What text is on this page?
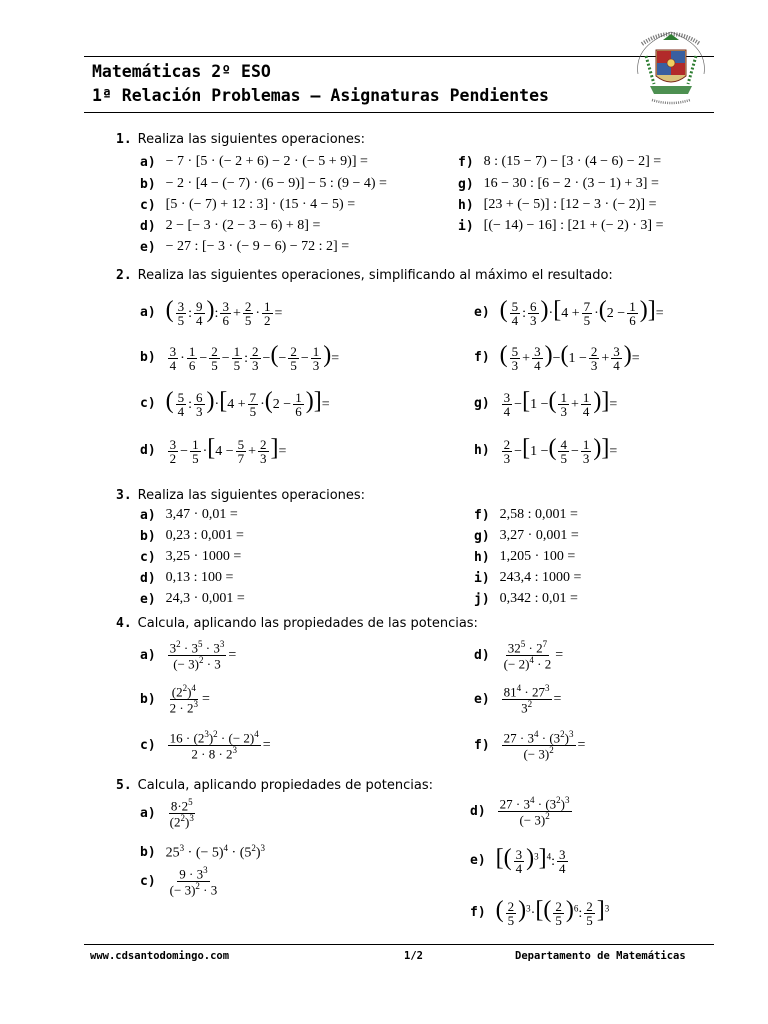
Matemáticas 2º ESO
1ª Relación Problemas – Asignaturas Pendientes
1. Realiza las siguientes operaciones:
a) − 7 · [5 · (− 2 + 6) − 2 · (− 5 + 9)] =
b) − 2 · [4 − (− 7) · (6 − 9)] − 5 : (9 − 4) =
c) [5 · (− 7) + 12 : 3] · (15 · 4 − 5) =
d) 2 − [− 3 · (2 − 3 − 6) + 8] =
e) − 27 : [− 3 · (− 9 − 6) − 72 : 2] =
f) 8 : (15 − 7) − [3 · (4 − 6) − 2] =
g) 16 − 30 : [6 − 2 · (3 − 1) + 3] =
h) [23 + (− 5)] : [12 − 3 · (− 2)] =
i) [(− 14) − 16] : [21 + (− 2) · 3] =
2. Realiza las siguientes operaciones, simplificando al máximo el resultado:
a) ( $\frac{3}{5}$ : $\frac{9}{4}$ ): $\frac{3}{6} + \frac{2}{5} \cdot \frac{1}{2}$ =
$b) \frac{3}{4} \cdot \frac{1}{6} - \frac{2}{5} - \frac{1}{5}$ : $\frac{2}{3}$ −(− $\frac{2}{5} - \frac{1}{3}$ )=
c) ( $\frac{5}{4}$ : $\frac{6}{3} )\cdot[4 + \frac{7}{5} \cdot(2 - \frac{1}{6}$ )]=
$d) \frac{3}{2} - \frac{1}{5} \cdot[4 - \frac{5}{7} + \frac{2}{3}$ ]=
e) ( $\frac{5}{4}$ : $\frac{6}{3} )\cdot[4 + \frac{7}{5} \cdot(2 - \frac{1}{6}$ )]=
f) ( $\frac{5}{3} + \frac{3}{4} )-(1 - \frac{2}{3} + \frac{3}{4}$ )=
$g) \frac{3}{4} -[1$ −( $\frac{1}{3} + \frac{1}{4}$ )]=
$h) \frac{2}{3} -[1$ −( $\frac{4}{5} - \frac{1}{3}$ )]=
3. Realiza las siguientes operaciones:
a) 3,47 · 0,01 =
b) 0,23 : 0,001 =
c) 3,25 · 1000 =
d) 0,13 : 100 =
e) 24,3 · 0,001 =
f) 2,58 : 0,001 =
g) 3,27 · 0,001 =
h) 1,205 · 100 =
i) 243,4 : 1000 =
j) 0,342 : 0,01 =
4. Calcula, aplicando las propiedades de las potencias:
$a) \frac{3^2 \cdot 3^5 \cdot 3^3}{(- 3)^2 \cdot 3}$ =
$b) \frac{(2^2)^4}{2 \cdot 2^3}$ =
$c) \frac{16 \cdot (2^3)^2 \cdot (- 2)^4}{2 \cdot 8 \cdot 2^3}$ =
$d) \frac{32^5 \cdot 2^7}{(- 2)^4 \cdot 2}$ =
$e) \frac{81^4 \cdot 27^3}{3^2}$ =
$f) \frac{27 \cdot 3^4 \cdot (3^2)^3}{(- 3)^2}$ =
5. Calcula, aplicando propiedades de potencias:
$a) \frac{8\cdot 2^5}{(2^2)^3}$
b) $25^3$ · (− $5)^4 \cdot (5^2)^3$
$c) \frac{9 \cdot 3^3}{(- 3)^2 \cdot 3}$
$d) \frac{27 \cdot 3^4 \cdot (3^2)^3}{(- 3)^2}$
e) [( $\frac{3}{4} )^3]^4$: $\frac{3}{4}$
f) ( $\frac{2}{5} )^3\cdot[( \frac{2}{5} )^6$: $\frac{2}{5} ]^3$
www.cdsantodomingo.com	1/2	Departamento de Matemáticas
